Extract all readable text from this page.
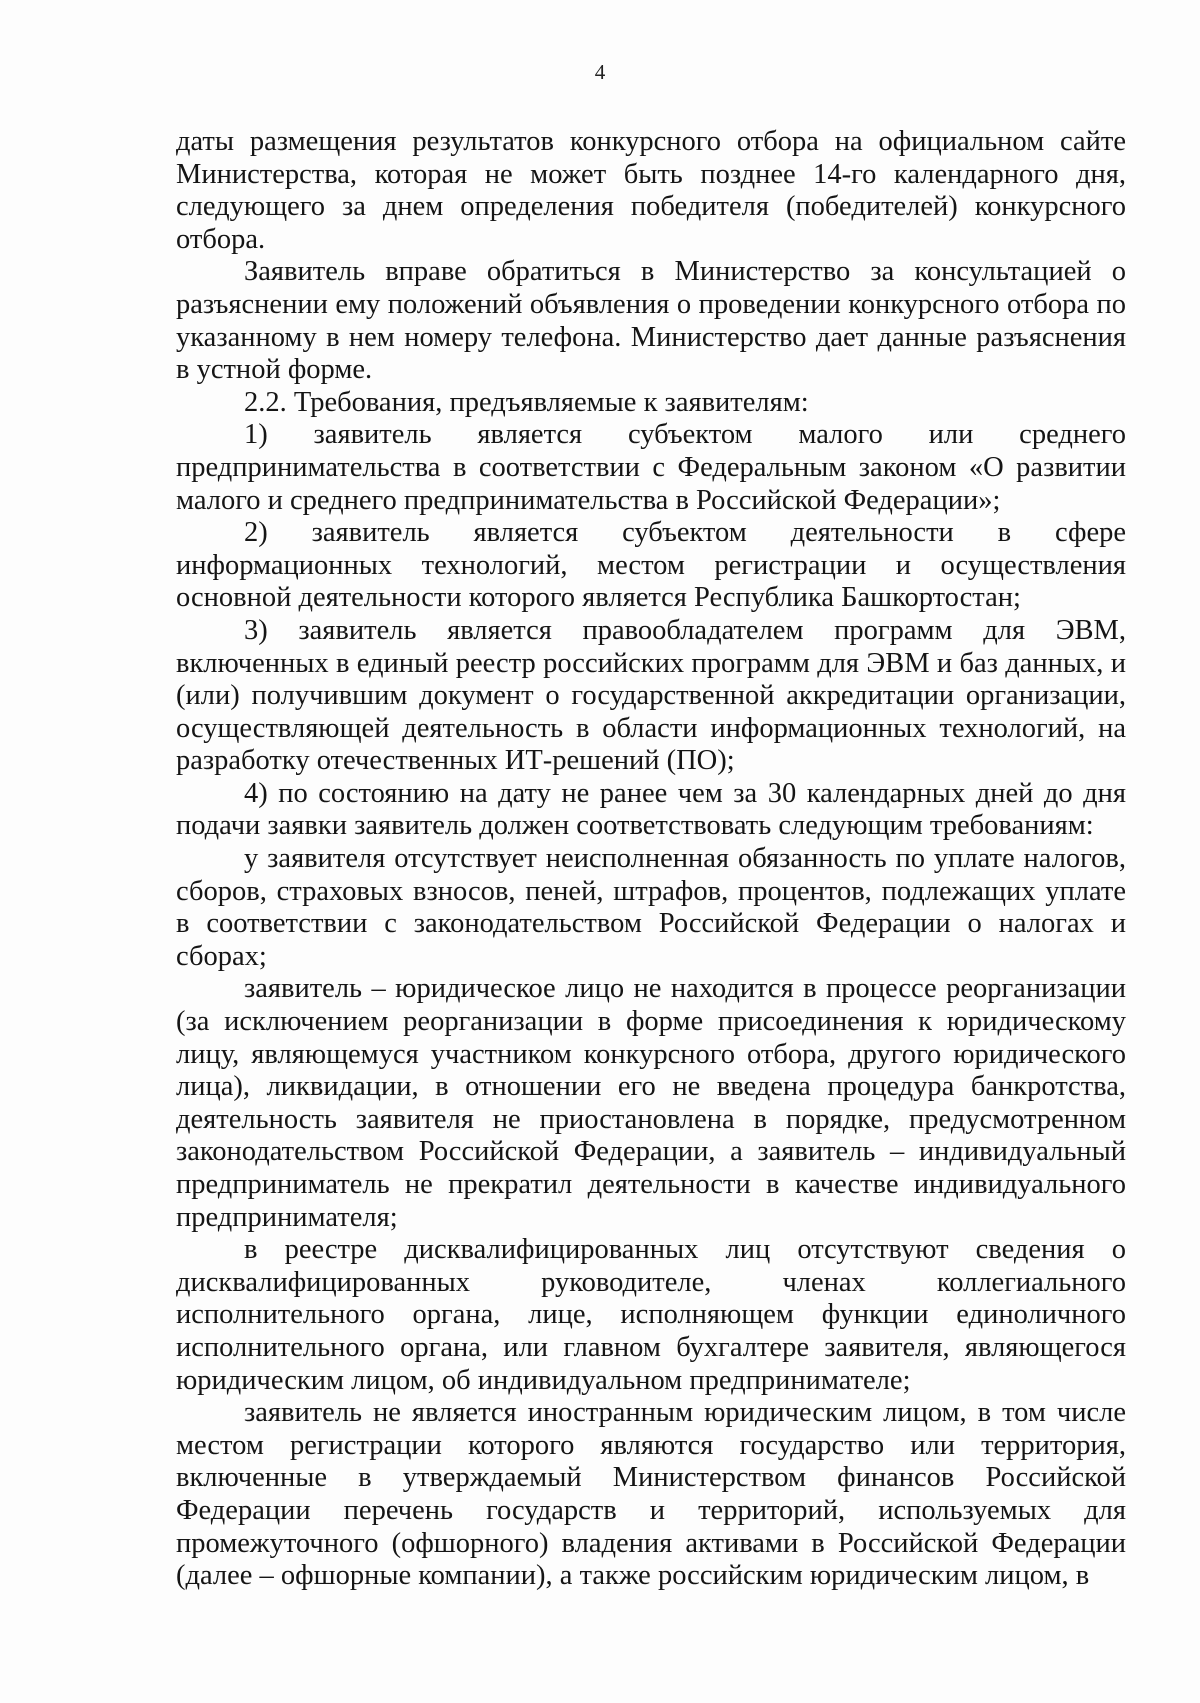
4

даты размещения результатов конкурсного отбора на официальном сайте Министерства, которая не может быть позднее 14-го календарного дня, следующего за днем определения победителя (победителей) конкурсного отбора.

Заявитель вправе обратиться в Министерство за консультацией о разъяснении ему положений объявления о проведении конкурсного отбора по указанному в нем номеру телефона. Министерство дает данные разъяснения в устной форме.

2.2. Требования, предъявляемые к заявителям:

1) заявитель является субъектом малого или среднего предпринимательства в соответствии с Федеральным законом «О развитии малого и среднего предпринимательства в Российской Федерации»;

2) заявитель является субъектом деятельности в сфере информационных технологий, местом регистрации и осуществления основной деятельности которого является Республика Башкортостан;

3) заявитель является правообладателем программ для ЭВМ, включенных в единый реестр российских программ для ЭВМ и баз данных, и (или) получившим документ о государственной аккредитации организации, осуществляющей деятельность в области информационных технологий, на разработку отечественных ИТ-решений (ПО);

4) по состоянию на дату не ранее чем за 30 календарных дней до дня подачи заявки заявитель должен соответствовать следующим требованиям:

у заявителя отсутствует неисполненная обязанность по уплате налогов, сборов, страховых взносов, пеней, штрафов, процентов, подлежащих уплате в соответствии с законодательством Российской Федерации о налогах и сборах;

заявитель – юридическое лицо не находится в процессе реорганизации (за исключением реорганизации в форме присоединения к юридическому лицу, являющемуся участником конкурсного отбора, другого юридического лица), ликвидации, в отношении его не введена процедура банкротства, деятельность заявителя не приостановлена в порядке, предусмотренном законодательством Российской Федерации, а заявитель – индивидуальный предприниматель не прекратил деятельности в качестве индивидуального предпринимателя;

в реестре дисквалифицированных лиц отсутствуют сведения о дисквалифицированных руководителе, членах коллегиального исполнительного органа, лице, исполняющем функции единоличного исполнительного органа, или главном бухгалтере заявителя, являющегося юридическим лицом, об индивидуальном предпринимателе;

заявитель не является иностранным юридическим лицом, в том числе местом регистрации которого являются государство или территория, включенные в утверждаемый Министерством финансов Российской Федерации перечень государств и территорий, используемых для промежуточного (офшорного) владения активами в Российской Федерации (далее – офшорные компании), а также российским юридическим лицом, в
